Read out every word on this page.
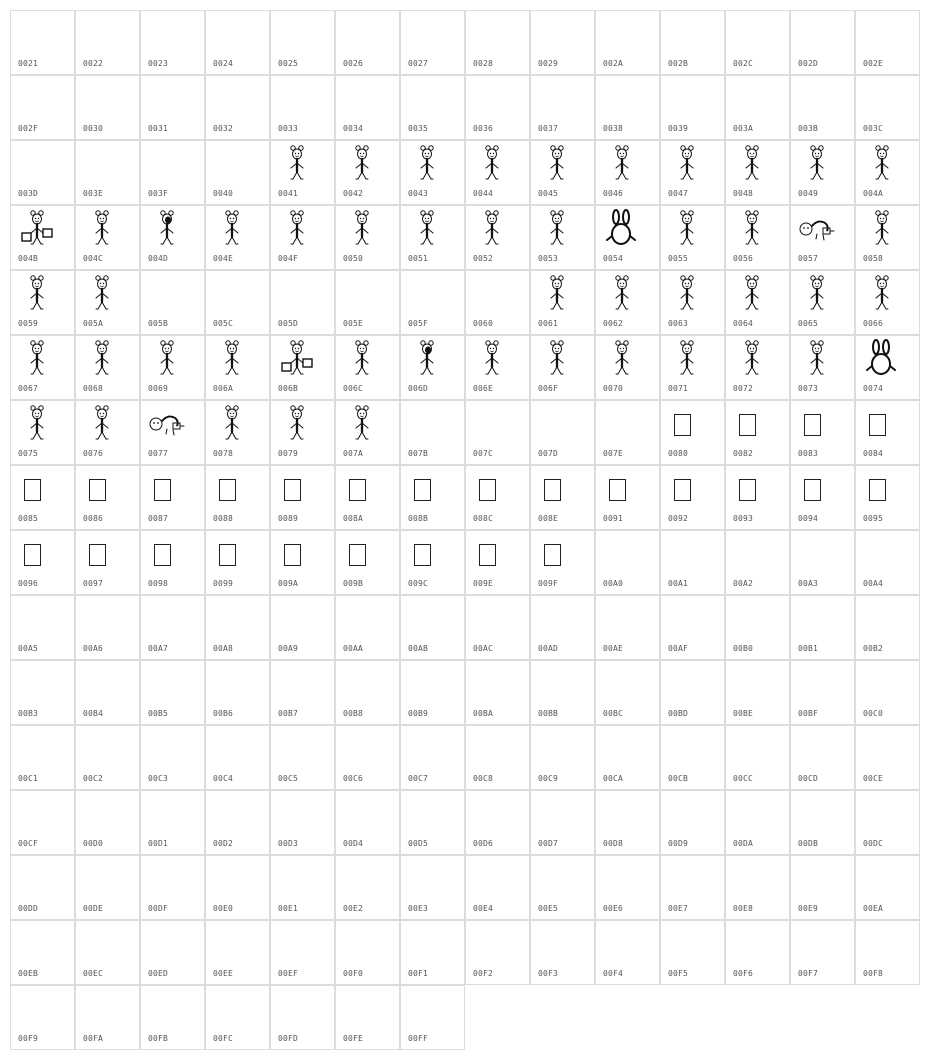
0021	0022	0023	0024	0025	0026	0027	0028	0029	002A	002B	002C	002D	002E
002F	0030	0031	0032	0033	0034	0035	0036	0037	0038	0039	003A	003B	003C
003D	003E	003F	0040	0041	0042	0043	0044	0045	0046	0047	0048	0049	004A
004B	004C	004D	004E	004F	0050	0051	0052	0053	0054	0055	0056	0057	0058
0059	005A	005B	005C	005D	005E	005F	0060	0061	0062	0063	0064	0065	0066
0067	0068	0069	006A	006B	006C	006D	006E	006F	0070	0071	0072	0073	0074
0075	0076	0077	0078	0079	007A	007B	007C	007D	007E	0080	0082	0083	0084
0085	0086	0087	0088	0089	008A	008B	008C	008E	0091	0092	0093	0094	0095
0096	0097	0098	0099	009A	009B	009C	009E	009F	00A0	00A1	00A2	00A3	00A4
00A5	00A6	00A7	00A8	00A9	00AA	00AB	00AC	00AD	00AE	00AF	00B0	00B1	00B2
00B3	00B4	00B5	00B6	00B7	00B8	00B9	00BA	00BB	00BC	00BD	00BE	00BF	00C0
00C1	00C2	00C3	00C4	00C5	00C6	00C7	00C8	00C9	00CA	00CB	00CC	00CD	00CE
00CF	00D0	00D1	00D2	00D3	00D4	00D5	00D6	00D7	00D8	00D9	00DA	00DB	00DC
00DD	00DE	00DF	00E0	00E1	00E2	00E3	00E4	00E5	00E6	00E7	00E8	00E9	00EA
00EB	00EC	00ED	00EE	00EF	00F0	00F1	00F2	00F3	00F4	00F5	00F6	00F7	00F8
00F9	00FA	00FB	00FC	00FD	00FE	00FF
